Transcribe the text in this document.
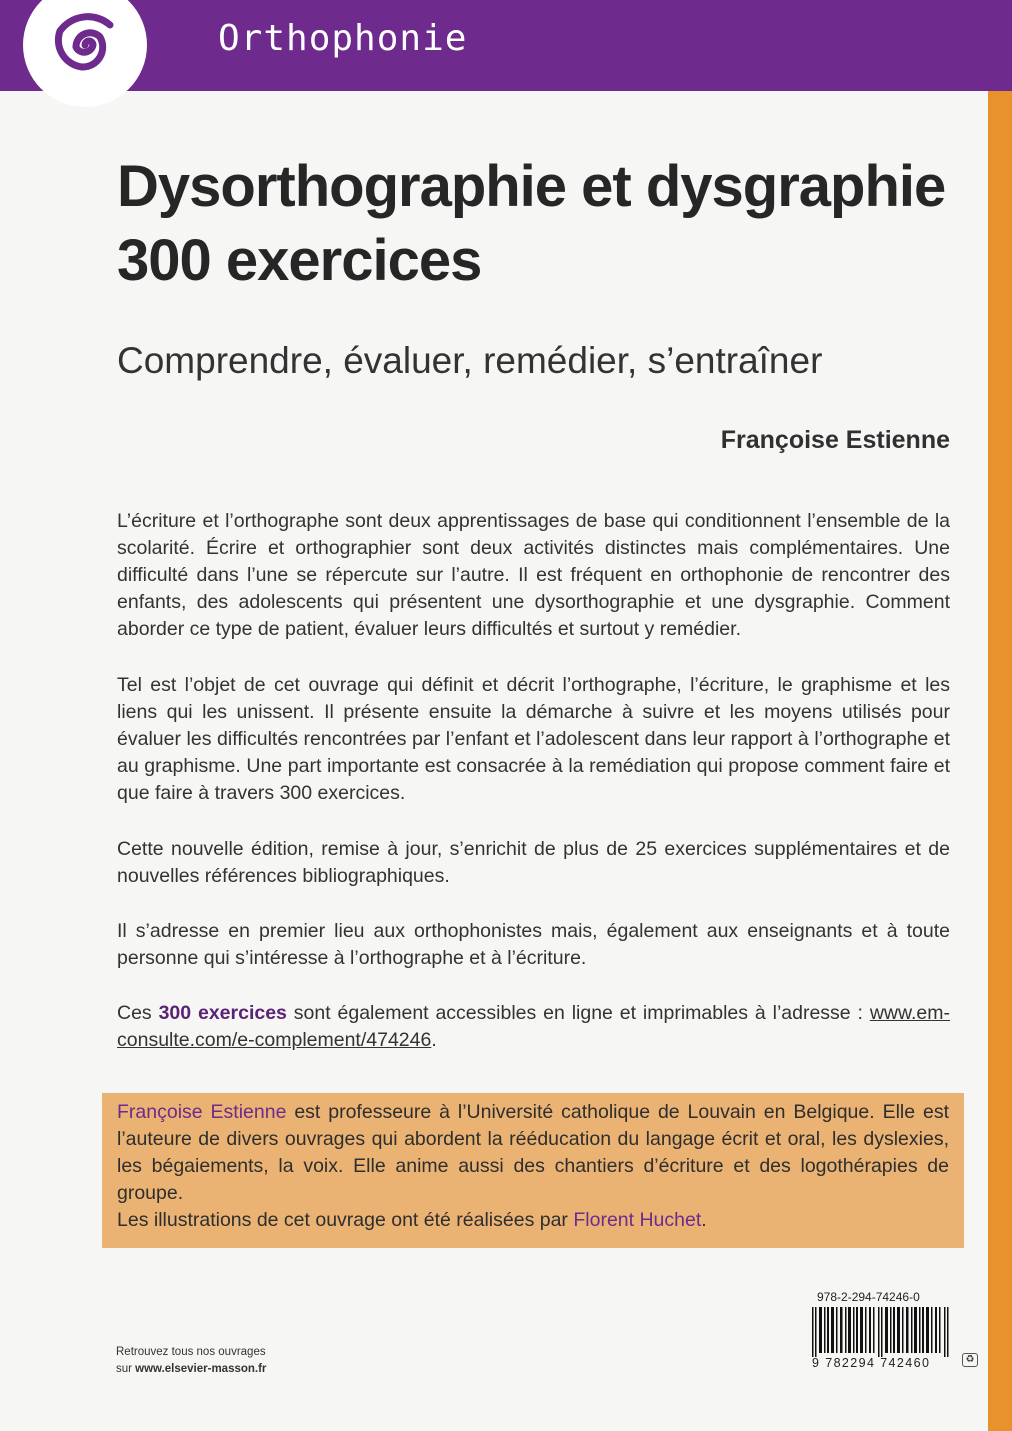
Orthophonie
Dysorthographie et dysgraphie
300 exercices
Comprendre, évaluer, remédier, s’entraîner
Françoise Estienne

L’écriture et l’orthographe sont deux apprentissages de base qui conditionnent l’ensemble de la scolarité. Écrire et orthographier sont deux activités distinctes mais complémentaires. Une difficulté dans l’une se répercute sur l’autre. Il est fréquent en orthophonie de rencontrer des enfants, des adolescents qui présentent une dysorthographie et une dysgraphie. Comment aborder ce type de patient, évaluer leurs difficultés et surtout y remédier.

Tel est l’objet de cet ouvrage qui définit et décrit l’orthographe, l’écriture, le graphisme et les liens qui les unissent. Il présente ensuite la démarche à suivre et les moyens utilisés pour évaluer les difficultés rencontrées par l’enfant et l’adolescent dans leur rapport à l’orthographe et au graphisme. Une part importante est consacrée à la remédiation qui propose comment faire et que faire à travers 300 exercices.

Cette nouvelle édition, remise à jour, s’enrichit de plus de 25 exercices supplémentaires et de nouvelles références bibliographiques.

Il s’adresse en premier lieu aux orthophonistes mais, également aux enseignants et à toute personne qui s’intéresse à l’orthographe et à l’écriture.

Ces 300 exercices sont également accessibles en ligne et imprimables à l’adresse : www.em-consulte.com/e-complement/474246.

Françoise Estienne est professeure à l’Université catholique de Louvain en Belgique. Elle est l’auteure de divers ouvrages qui abordent la rééducation du langage écrit et oral, les dyslexies, les bégaiements, la voix. Elle anime aussi des chantiers d’écriture et des logothérapies de groupe.
Les illustrations de cet ouvrage ont été réalisées par Florent Huchet.
Retrouvez tous nos ouvrages
sur www.elsevier-masson.fr
978-2-294-74246-0
9 782294 742460	♻
